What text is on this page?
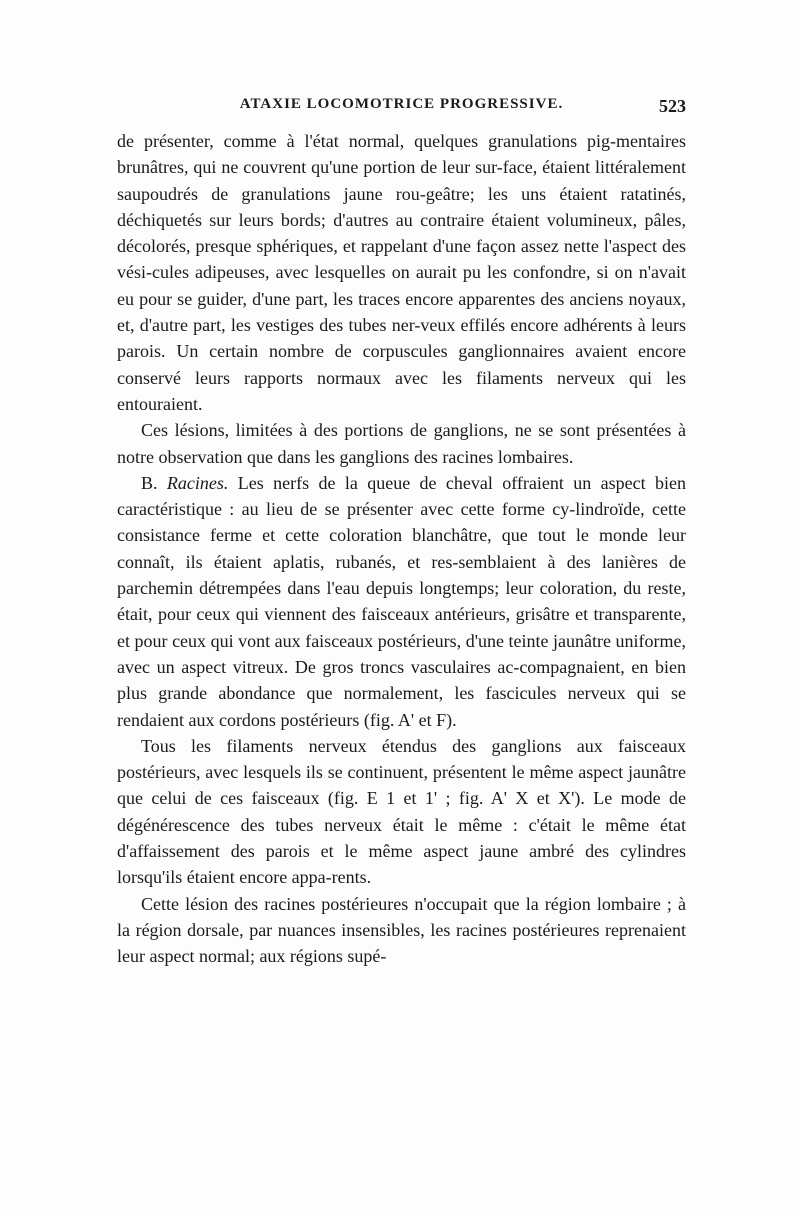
ATAXIE LOCOMOTRICE PROGRESSIVE.	523

de présenter, comme à l'état normal, quelques granulations pig-mentaires brunâtres, qui ne couvrent qu'une portion de leur sur-face, étaient littéralement saupoudrés de granulations jaune rou-geâtre; les uns étaient ratatinés, déchiquetés sur leurs bords; d'autres au contraire étaient volumineux, pâles, décolorés, presque sphériques, et rappelant d'une façon assez nette l'aspect des vési-cules adipeuses, avec lesquelles on aurait pu les confondre, si on n'avait eu pour se guider, d'une part, les traces encore apparentes des anciens noyaux, et, d'autre part, les vestiges des tubes ner-veux effilés encore adhérents à leurs parois. Un certain nombre de corpuscules ganglionnaires avaient encore conservé leurs rapports normaux avec les filaments nerveux qui les entouraient.

Ces lésions, limitées à des portions de ganglions, ne se sont présentées à notre observation que dans les ganglions des racines lombaires.

B. Racines. Les nerfs de la queue de cheval offraient un aspect bien caractéristique : au lieu de se présenter avec cette forme cy-lindroïde, cette consistance ferme et cette coloration blanchâtre, que tout le monde leur connaît, ils étaient aplatis, rubanés, et res-semblaient à des lanières de parchemin détrempées dans l'eau depuis longtemps; leur coloration, du reste, était, pour ceux qui viennent des faisceaux antérieurs, grisâtre et transparente, et pour ceux qui vont aux faisceaux postérieurs, d'une teinte jaunâtre uniforme, avec un aspect vitreux. De gros troncs vasculaires ac-compagnaient, en bien plus grande abondance que normalement, les fascicules nerveux qui se rendaient aux cordons postérieurs (fig. A' et F).

Tous les filaments nerveux étendus des ganglions aux faisceaux postérieurs, avec lesquels ils se continuent, présentent le même aspect jaunâtre que celui de ces faisceaux (fig. E 1 et 1' ; fig. A' X et X'). Le mode de dégénérescence des tubes nerveux était le même : c'était le même état d'affaissement des parois et le même aspect jaune ambré des cylindres lorsqu'ils étaient encore appa-rents.

Cette lésion des racines postérieures n'occupait que la région lombaire ; à la région dorsale, par nuances insensibles, les racines postérieures reprenaient leur aspect normal; aux régions supé-
